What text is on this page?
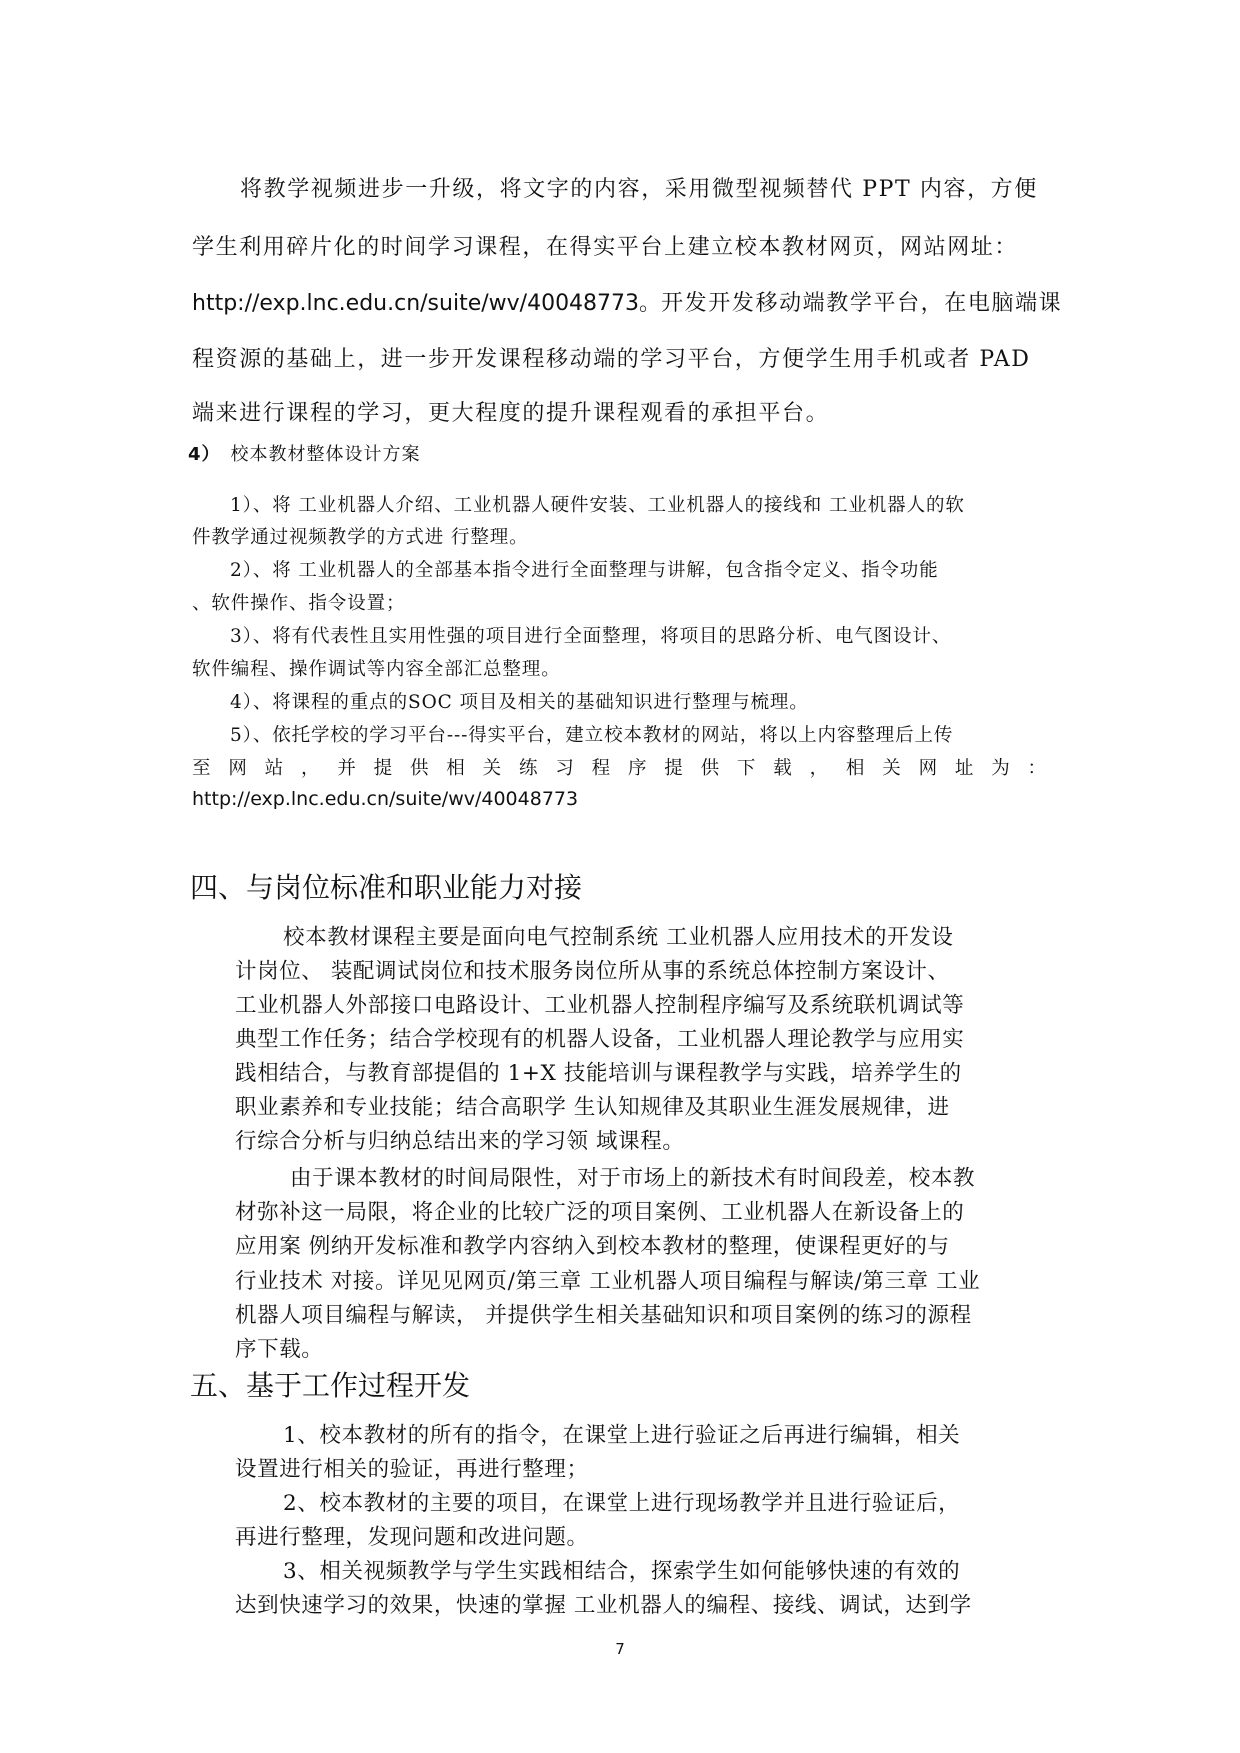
将教学视频进步一升级，将文字的内容，采用微型视频替代 PPT 内容，方便
学生利用碎片化的时间学习课程，在得实平台上建立校本教材网页，网站网址：
http://exp.lnc.edu.cn/suite/wv/40048773。开发开发移动端教学平台，在电脑端课
程资源的基础上，进一步开发课程移动端的学习平台，方便学生用手机或者 PAD
端来进行课程的学习，更大程度的提升课程观看的承担平台。
4） 校本教材整体设计方案
1）、将 工业机器人介绍、工业机器人硬件安装、工业机器人的接线和 工业机器人的软
件教学通过视频教学的方式进 行整理。
2）、将 工业机器人的全部基本指令进行全面整理与讲解，包含指令定义、指令功能
、软件操作、指令设置；
3）、将有代表性且实用性强的项目进行全面整理，将项目的思路分析、电气图设计、
软件编程、操作调试等内容全部汇总整理。
4）、将课程的重点的SOC 项目及相关的基础知识进行整理与梳理。
5）、依托学校的学习平台---得实平台，建立校本教材的网站，将以上内容整理后上传
至 网 站 ， 并 提 供 相 关 练 习 程 序 提 供 下 载 ， 相 关 网 址 为 ：
http://exp.lnc.edu.cn/suite/wv/40048773
四、与岗位标准和职业能力对接
校本教材课程主要是面向电气控制系统 工业机器人应用技术的开发设
计岗位、 装配调试岗位和技术服务岗位所从事的系统总体控制方案设计、
工业机器人外部接口电路设计、工业机器人控制程序编写及系统联机调试等
典型工作任务；结合学校现有的机器人设备，工业机器人理论教学与应用实
践相结合，与教育部提倡的 1+X 技能培训与课程教学与实践，培养学生的
职业素养和专业技能；结合高职学 生认知规律及其职业生涯发展规律，进
行综合分析与归纳总结出来的学习领 域课程。
由于课本教材的时间局限性，对于市场上的新技术有时间段差，校本教
材弥补这一局限，将企业的比较广泛的项目案例、工业机器人在新设备上的
应用案 例纳开发标准和教学内容纳入到校本教材的整理，使课程更好的与
行业技术 对接。详见见网页/第三章 工业机器人项目编程与解读/第三章 工业
机器人项目编程与解读， 并提供学生相关基础知识和项目案例的练习的源程
序下载。
五、基于工作过程开发
1、校本教材的所有的指令，在课堂上进行验证之后再进行编辑，相关
设置进行相关的验证，再进行整理；
2、校本教材的主要的项目，在课堂上进行现场教学并且进行验证后，
再进行整理，发现问题和改进问题。
3、相关视频教学与学生实践相结合，探索学生如何能够快速的有效的
达到快速学习的效果，快速的掌握 工业机器人的编程、接线、调试，达到学
7
